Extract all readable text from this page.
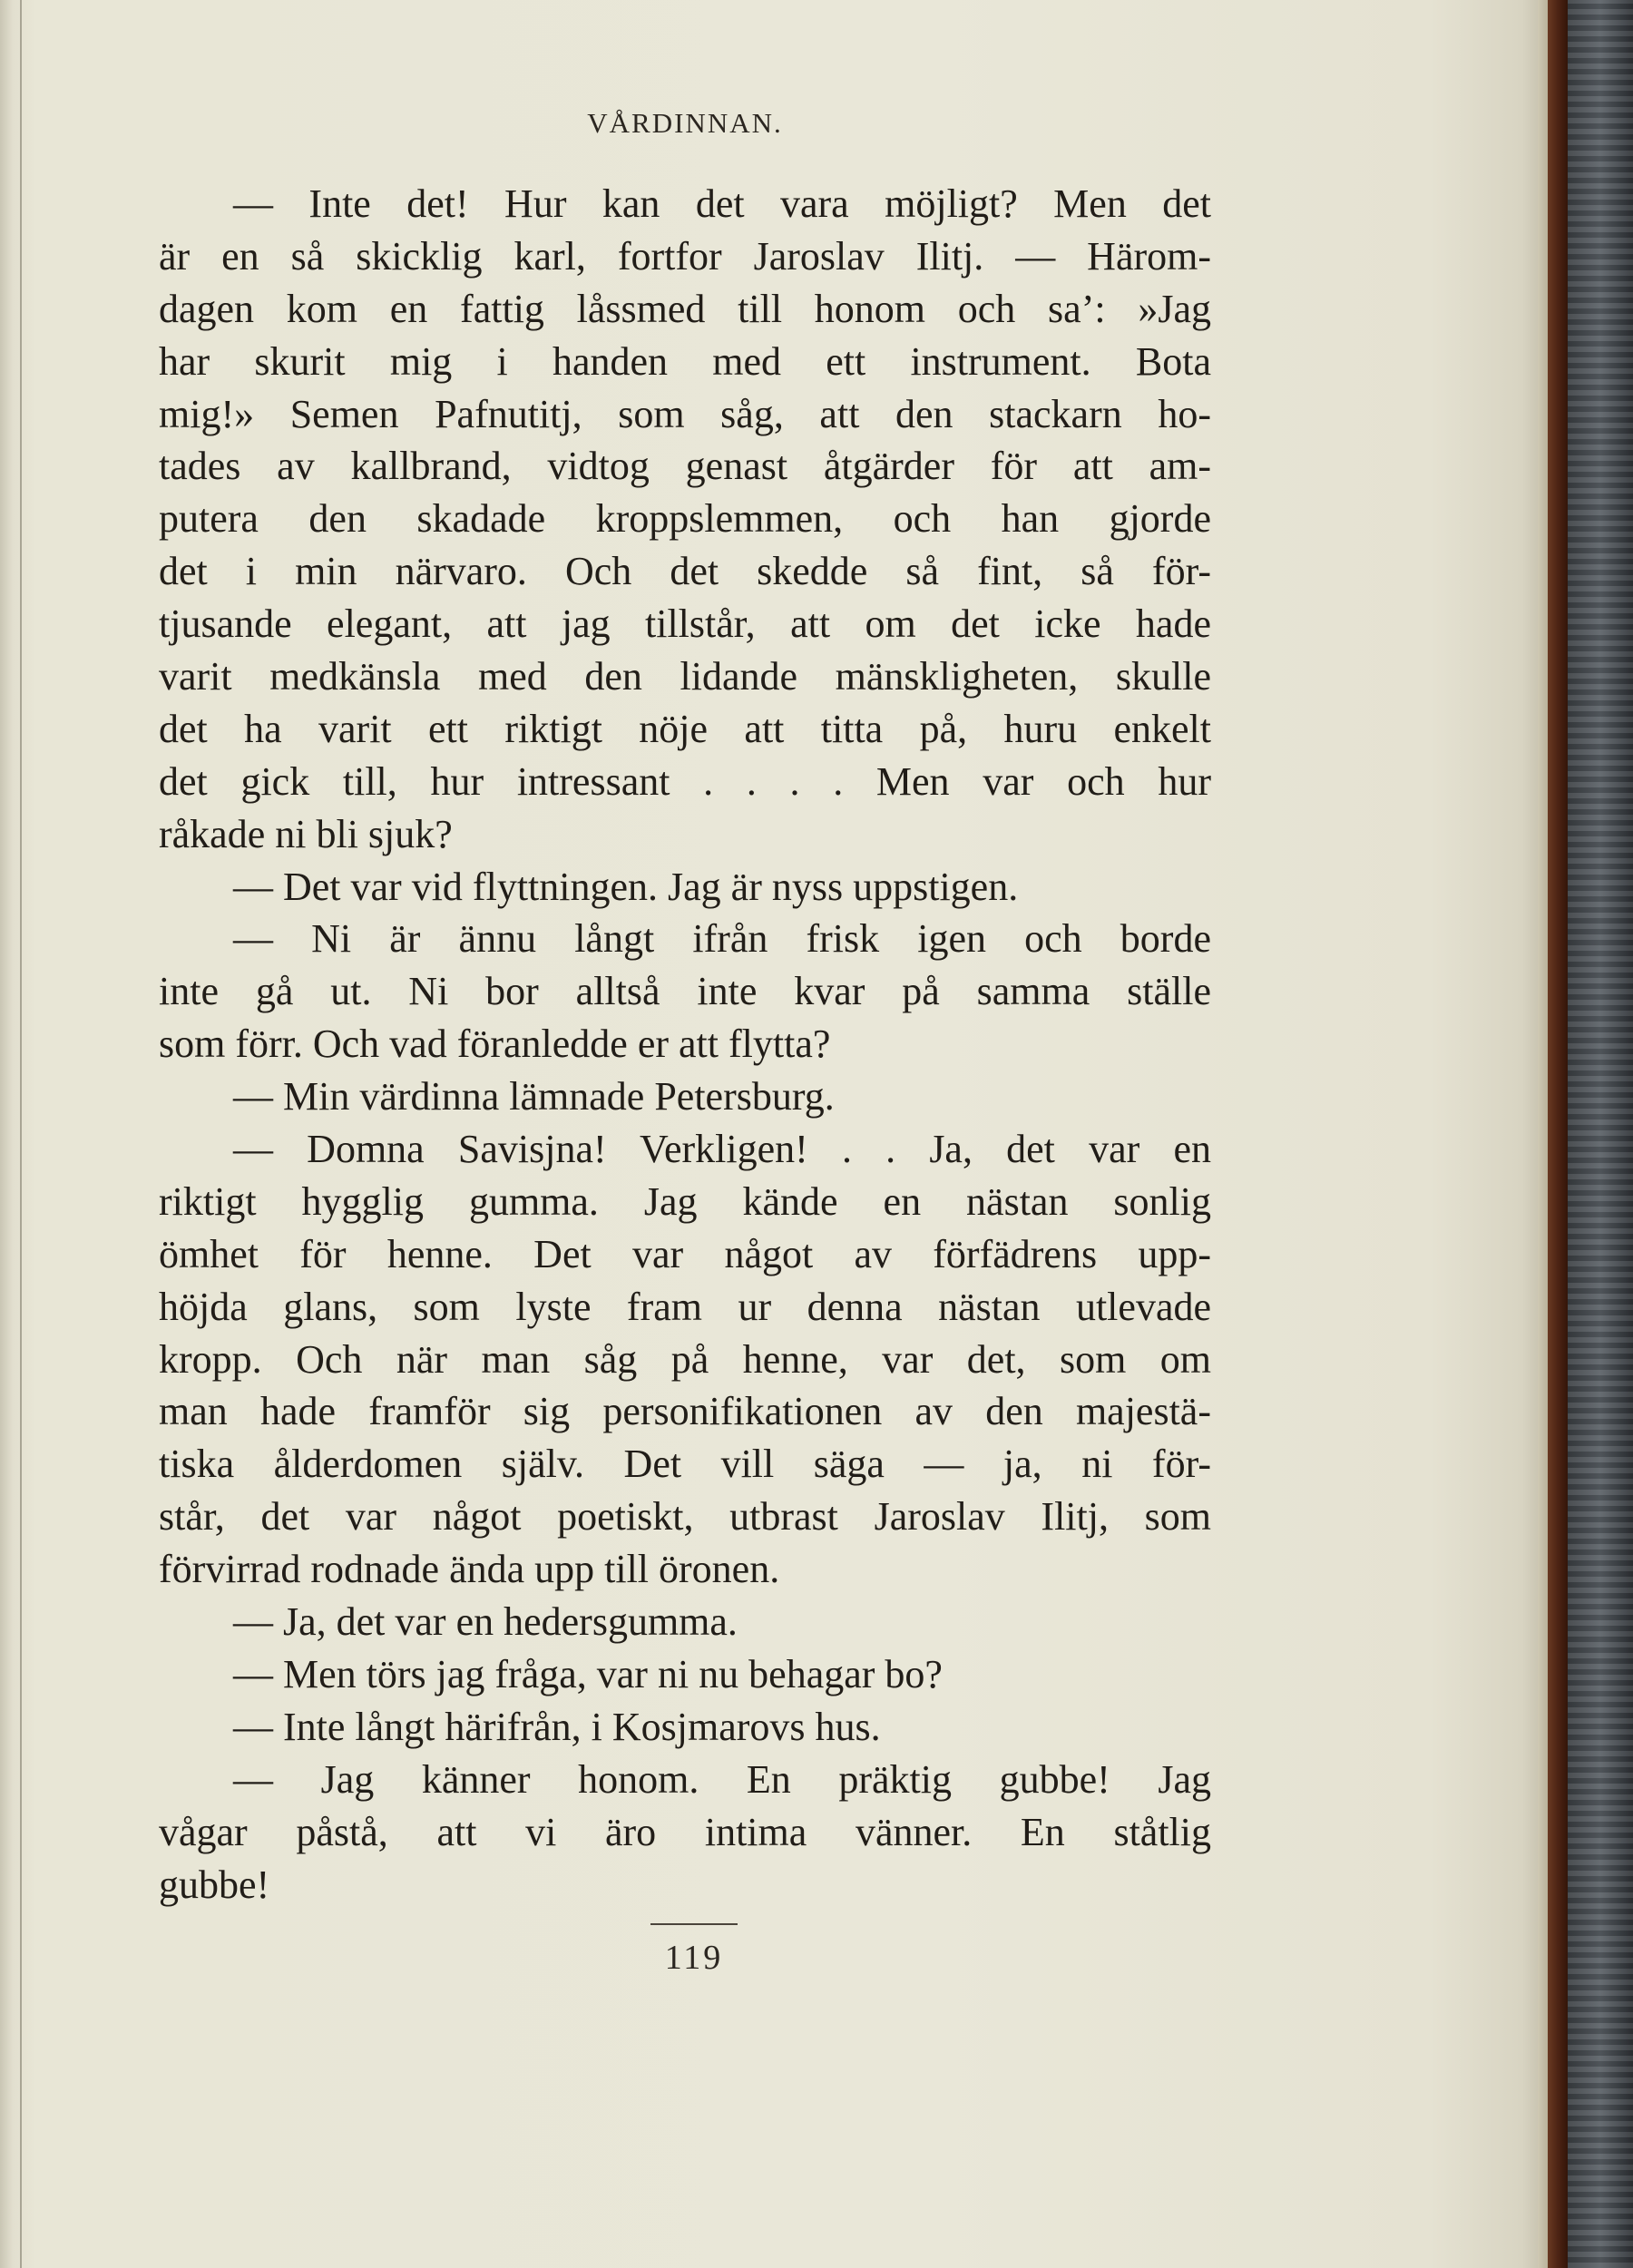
VÅRDINNAN.
— Inte det! Hur kan det vara möjligt? Men det
är en så skicklig karl, fortfor Jaroslav Ilitj. — Härom-
dagen kom en fattig låssmed till honom och sa’: »Jag
har skurit mig i handen med ett instrument. Bota
mig!» Semen Pafnutitj, som såg, att den stackarn ho-
tades av kallbrand, vidtog genast åtgärder för att am-
putera den skadade kroppslemmen, och han gjorde
det i min närvaro. Och det skedde så fint, så för-
tjusande elegant, att jag tillstår, att om det icke hade
varit medkänsla med den lidande mänskligheten, skulle
det ha varit ett riktigt nöje att titta på, huru enkelt
det gick till, hur intressant . . . . Men var och hur
råkade ni bli sjuk?
— Det var vid flyttningen. Jag är nyss uppstigen.
— Ni är ännu långt ifrån frisk igen och borde
inte gå ut. Ni bor alltså inte kvar på samma ställe
som förr. Och vad föranledde er att flytta?
— Min värdinna lämnade Petersburg.
— Domna Savisjna! Verkligen! . . Ja, det var en
riktigt hygglig gumma. Jag kände en nästan sonlig
ömhet för henne. Det var något av förfädrens upp-
höjda glans, som lyste fram ur denna nästan utlevade
kropp. Och när man såg på henne, var det, som om
man hade framför sig personifikationen av den majestä-
tiska ålderdomen själv. Det vill säga — ja, ni för-
står, det var något poetiskt, utbrast Jaroslav Ilitj, som
förvirrad rodnade ända upp till öronen.
— Ja, det var en hedersgumma.
— Men törs jag fråga, var ni nu behagar bo?
— Inte långt härifrån, i Kosjmarovs hus.
— Jag känner honom. En präktig gubbe! Jag
vågar påstå, att vi äro intima vänner. En ståtlig
gubbe!
119
